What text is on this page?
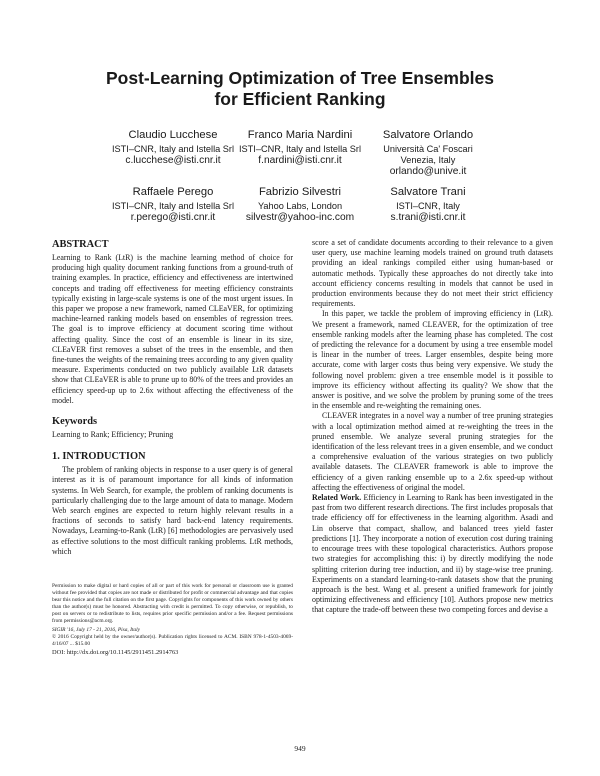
Post-Learning Optimization of Tree Ensembles
for Efficient Ranking
Claudio Lucchese
ISTI–CNR, Italy and Istella Srl
c.lucchese@isti.cnr.it
Franco Maria Nardini
ISTI–CNR, Italy and Istella Srl
f.nardini@isti.cnr.it
Salvatore Orlando
Università Ca' Foscari
Venezia, Italy
orlando@unive.it
Raffaele Perego
ISTI–CNR, Italy and Istella Srl
r.perego@isti.cnr.it
Fabrizio Silvestri
Yahoo Labs, London
silvestr@yahoo-inc.com
Salvatore Trani
ISTI–CNR, Italy
s.trani@isti.cnr.it
ABSTRACT

Learning to Rank (LtR) is the machine learning method of choice for producing high quality document ranking functions from a ground-truth of training examples. In practice, efficiency and effectiveness are intertwined concepts and trading off effectiveness for meeting efficiency constraints typically existing in large-scale systems is one of the most urgent issues. In this paper we propose a new framework, named CLEaVER, for optimizing machine-learned ranking models based on ensembles of regression trees. The goal is to improve efficiency at document scoring time without affecting quality. Since the cost of an ensemble is linear in its size, CLEaVER first removes a subset of the trees in the ensemble, and then fine-tunes the weights of the remaining trees according to any given quality measure. Experiments conducted on two publicly available LtR datasets show that CLEaVER is able to prune up to 80% of the trees and provides an efficiency speed-up up to 2.6x without affecting the effectiveness of the model.

Keywords

Learning to Rank; Efficiency; Pruning

1. INTRODUCTION

The problem of ranking objects in response to a user query is of general interest as it is of paramount importance for all kinds of information systems. In Web Search, for example, the problem of ranking documents is particularly challenging due to the large amount of data to manage. Modern Web search engines are expected to return highly relevant results in a fractions of seconds to satisfy hard back-end latency requirements. Nowadays, Learning-to-Rank (LtR) [6] methodologies are pervasively used as effective solutions to the most difficult ranking problems. LtR methods, which

Permission to make digital or hard copies of all or part of this work for personal or classroom use is granted without fee provided that copies are not made or distributed for profit or commercial advantage and that copies bear this notice and the full citation on the first page. Copyrights for components of this work owned by others than the author(s) must be honored. Abstracting with credit is permitted. To copy otherwise, or republish, to post on servers or to redistribute to lists, requires prior specific permission and/or a fee. Request permissions from permissions@acm.org.
SIGIR '16, July 17 - 21, 2016, Pisa, Italy
© 2016 Copyright held by the owner/author(s). Publication rights licensed to ACM. ISBN 978-1-4503-4069-4/16/07 ... $15.00
DOI: http://dx.doi.org/10.1145/2911451.2914763

score a set of candidate documents according to their relevance to a given user query, use machine learning models trained on ground truth datasets providing an ideal rankings compiled either using human-based or automatic methods. Typically these approaches do not directly take into account efficiency concerns resulting in models that cannot be used in production environments because they do not meet their strict efficiency requirements.

In this paper, we tackle the problem of improving efficiency in (LtR). We present a framework, named CLEAVER, for the optimization of tree ensemble ranking models after the learning phase has completed. The cost of predicting the relevance for a document by using a tree ensemble model is linear in the number of trees. Larger ensembles, despite being more accurate, come with larger costs thus being very expensive. We study the following novel problem: given a tree ensemble model is it possible to improve its efficiency without affecting its quality? We show that the answer is positive, and we solve the problem by pruning some of the trees in the ensemble and re-weighting the remaining ones.

CLEAVER integrates in a novel way a number of tree pruning strategies with a local optimization method aimed at re-weighting the trees in the pruned ensemble. We analyze several pruning strategies for the identification of the less relevant trees in a given ensemble, and we conduct a comprehensive evaluation of the various strategies on two publicly available datasets. The CLEAVER framework is able to improve the efficiency of a given ranking ensemble up to a 2.6x speed-up without affecting the effectiveness of original the model.

Related Work. Efficiency in Learning to Rank has been investigated in the past from two different research directions. The first includes proposals that trade efficiency off for effectiveness in the learning algorithm. Asadi and Lin observe that compact, shallow, and balanced trees yield faster predictions [1]. They incorporate a notion of execution cost during training to encourage trees with these topological characteristics. Authors propose two strategies for accomplishing this: i) by directly modifying the node splitting criterion during tree induction, and ii) by stage-wise tree pruning. Experiments on a standard learning-to-rank datasets show that the pruning approach is the best. Wang et al. present a unified framework for jointly optimizing effectiveness and efficiency [10]. Authors propose new metrics that capture the trade-off between these two competing forces and devise a

949
